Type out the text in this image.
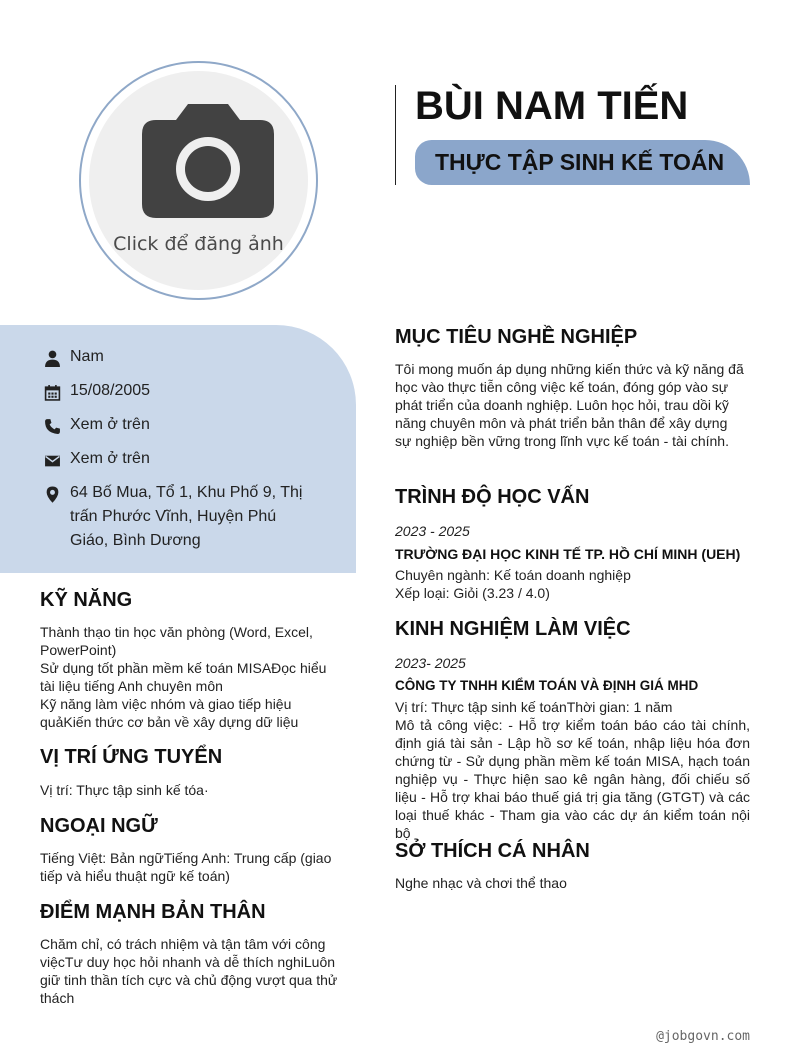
Click để đăng ảnh
BÙI NAM TIẾN
THỰC TẬP SINH KẾ TOÁN
Nam
15/08/2005
Xem ở trên
Xem ở trên
64 Bố Mua, Tổ 1, Khu Phố 9, Thị trấn Phước Vĩnh, Huyện Phú Giáo, Bình Dương
KỸ NĂNG
Thành thạo tin học văn phòng (Word, Excel, PowerPoint)
Sử dụng tốt phần mềm kế toán MISAĐọc hiểu tài liệu tiếng Anh chuyên môn
Kỹ năng làm việc nhóm và giao tiếp hiệu quảKiến thức cơ bản về xây dựng dữ liệu
VỊ TRÍ ỨNG TUYỂN
Vị trí: Thực tập sinh kế tóa·
NGOẠI NGỮ
Tiếng Việt: Bản ngữTiếng Anh: Trung cấp (giao tiếp và hiểu thuật ngữ kế toán)
ĐIỂM MẠNH BẢN THÂN
Chăm chỉ, có trách nhiệm và tận tâm với công việcTư duy học hỏi nhanh và dễ thích nghiLuôn giữ tinh thần tích cực và chủ động vượt qua thử thách
MỤC TIÊU NGHỀ NGHIỆP
Tôi mong muốn áp dụng những kiến thức và kỹ năng đã học vào thực tiễn công việc kế toán, đóng góp vào sự phát triển của doanh nghiệp. Luôn học hỏi, trau dồi kỹ năng chuyên môn và phát triển bản thân để xây dựng sự nghiệp bền vững trong lĩnh vực kế toán - tài chính.
TRÌNH ĐỘ HỌC VẤN
2023 - 2025
TRƯỜNG ĐẠI HỌC KINH TẾ TP. HỒ CHÍ MINH (UEH)
Chuyên ngành: Kế toán doanh nghiệp
Xếp loại: Giỏi (3.23 / 4.0)
KINH NGHIỆM LÀM VIỆC
2023- 2025
CÔNG TY TNHH KIỂM TOÁN VÀ ĐỊNH GIÁ MHD
Vị trí: Thực tập sinh kế toánThời gian: 1 năm
Mô tả công việc: - Hỗ trợ kiểm toán báo cáo tài chính, định giá tài sản - Lập hồ sơ kế toán, nhập liệu hóa đơn chứng từ - Sử dụng phần mềm kế toán MISA, hạch toán nghiệp vụ - Thực hiện sao kê ngân hàng, đối chiếu số liệu - Hỗ trợ khai báo thuế giá trị gia tăng (GTGT) và các loại thuế khác - Tham gia vào các dự án kiểm toán nội bộ
SỞ THÍCH CÁ NHÂN
Nghe nhạc và chơi thể thao
@jobgovn.com
